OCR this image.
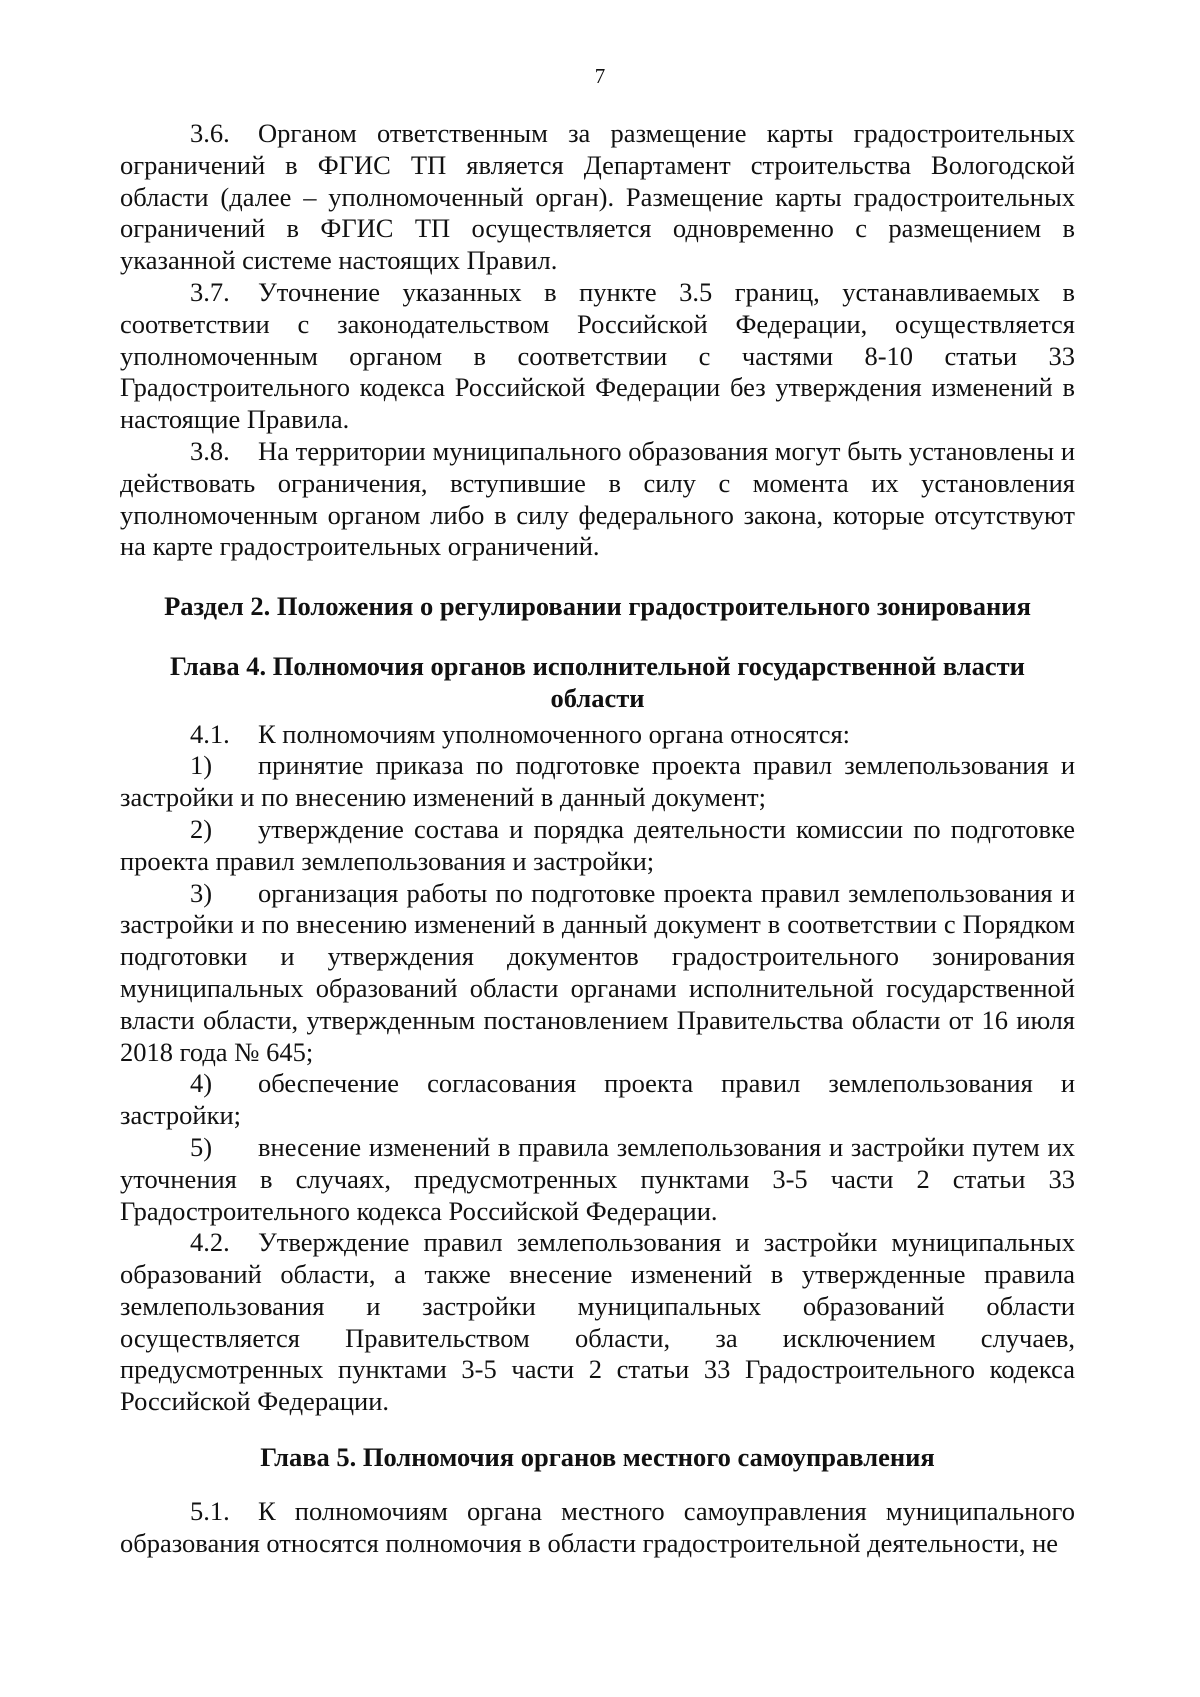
7

3.6. Органом ответственным за размещение карты градостроительных ограничений в ФГИС ТП является Департамент строительства Вологодской области (далее – уполномоченный орган). Размещение карты градостроительных ограничений в ФГИС ТП осуществляется одновременно с размещением в указанной системе настоящих Правил.

3.7. Уточнение указанных в пункте 3.5 границ, устанавливаемых в соответствии с законодательством Российской Федерации, осуществляется уполномоченным органом в соответствии с частями 8-10 статьи 33 Градостроительного кодекса Российской Федерации без утверждения изменений в настоящие Правила.

3.8. На территории муниципального образования могут быть установлены и действовать ограничения, вступившие в силу с момента их установления уполномоченным органом либо в силу федерального закона, которые отсутствуют на карте градостроительных ограничений.

Раздел 2. Положения о регулировании градостроительного зонирования

Глава 4. Полномочия органов исполнительной государственной власти области

4.1. К полномочиям уполномоченного органа относятся:

1) принятие приказа по подготовке проекта правил землепользования и застройки и по внесению изменений в данный документ;

2) утверждение состава и порядка деятельности комиссии по подготовке проекта правил землепользования и застройки;

3) организация работы по подготовке проекта правил землепользования и застройки и по внесению изменений в данный документ в соответствии с Порядком подготовки и утверждения документов градостроительного зонирования муниципальных образований области органами исполнительной государственной власти области, утвержденным постановлением Правительства области от 16 июля 2018 года № 645;

4) обеспечение согласования проекта правил землепользования и застройки;

5) внесение изменений в правила землепользования и застройки путем их уточнения в случаях, предусмотренных пунктами 3-5 части 2 статьи 33 Градостроительного кодекса Российской Федерации.

4.2. Утверждение правил землепользования и застройки муниципальных образований области, а также внесение изменений в утвержденные правила землепользования и застройки муниципальных образований области осуществляется Правительством области, за исключением случаев, предусмотренных пунктами 3-5 части 2 статьи 33 Градостроительного кодекса Российской Федерации.

Глава 5. Полномочия органов местного самоуправления

5.1. К полномочиям органа местного самоуправления муниципального образования относятся полномочия в области градостроительной деятельности, не
